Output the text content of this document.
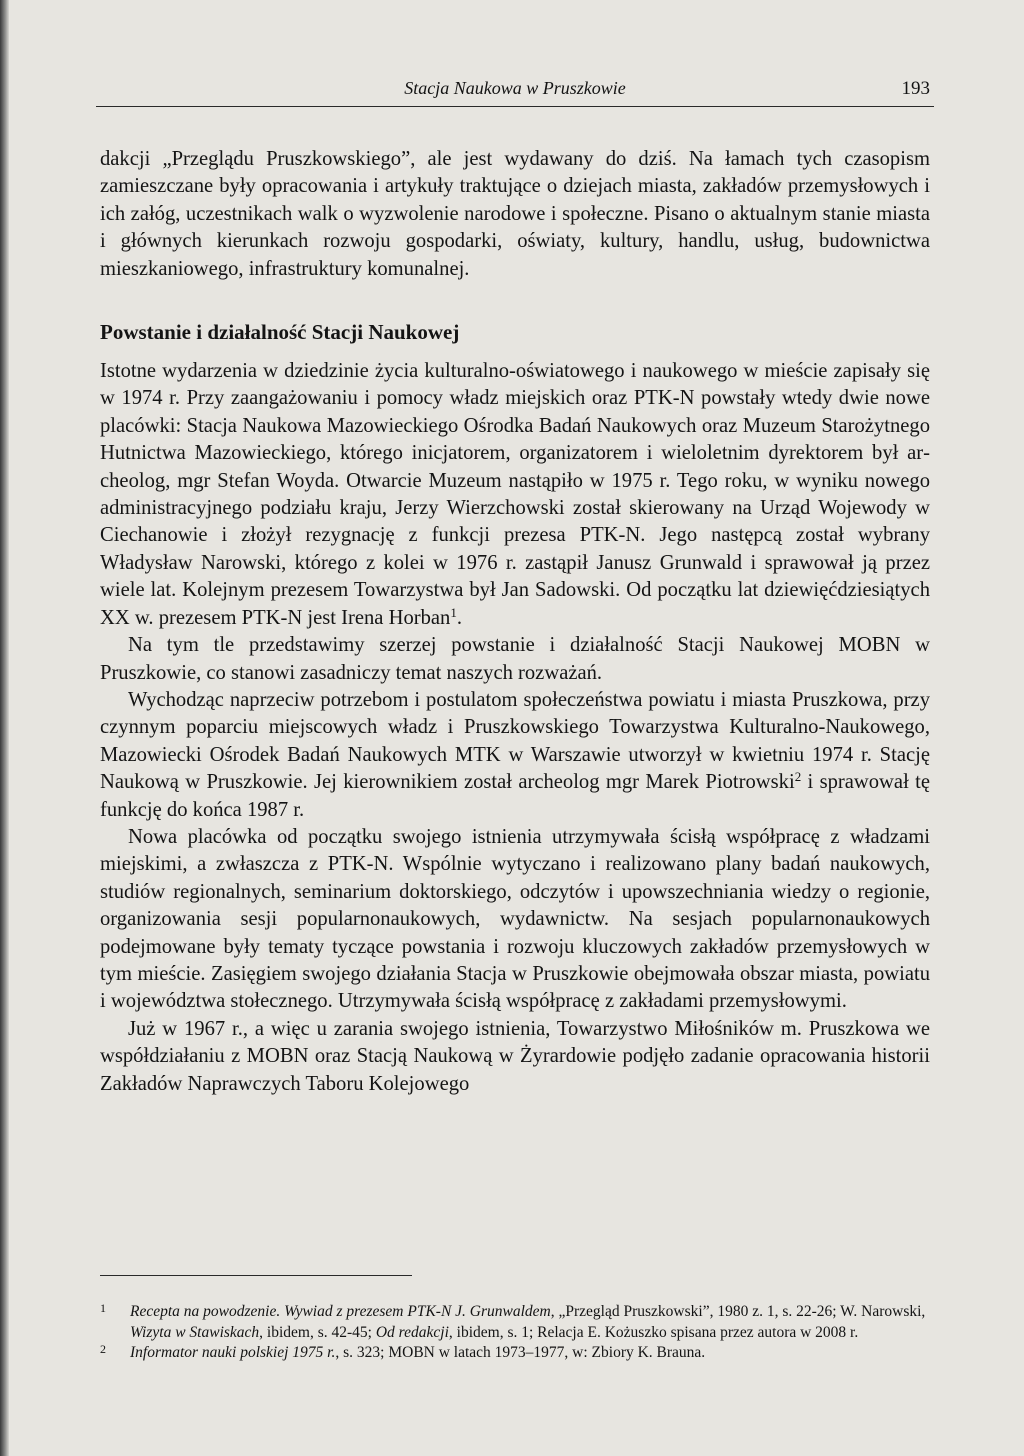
Stacja Naukowa w Pruszkowie	193

dakcji „Przeglądu Pruszkowskiego”, ale jest wydawany do dziś. Na łamach tych czasopism zamieszczane były opracowania i artykuły traktujące o dziejach miasta, zakładów przemysłowych i ich załóg, uczestnikach walk o wyzwolenie narodowe i społeczne. Pisano o aktualnym stanie miasta i głównych kierunkach rozwoju gospodarki, oświaty, kultury, handlu, usług, budownictwa mieszkaniowego, infrastruktury komunalnej.

Powstanie i działalność Stacji Naukowej

Istotne wydarzenia w dziedzinie życia kulturalno-oświatowego i naukowego w mieście zapisały się w 1974 r. Przy zaangażowaniu i pomocy władz miejskich oraz PTK-N powstały wtedy dwie nowe placówki: Stacja Naukowa Mazowieckiego Ośrodka Badań Naukowych oraz Muzeum Starożytnego Hutnictwa Mazowieckiego, którego inicjatorem, organizatorem i wieloletnim dyrektorem był archeolog, mgr Stefan Woyda. Otwarcie Muzeum nastąpiło w 1975 r. Tego roku, w wyniku nowego administracyjnego podziału kraju, Jerzy Wierzchowski został skierowany na Urząd Wojewody w Ciechanowie i złożył rezygnację z funkcji prezesa PTK-N. Jego następcą został wybrany Władysław Narowski, którego z kolei w 1976 r. zastąpił Janusz Grunwald i sprawował ją przez wiele lat. Kolejnym prezesem Towarzystwa był Jan Sadowski. Od początku lat dziewięćdziesiątych XX w. prezesem PTK-N jest Irena Horban$^1$.

Na tym tle przedstawimy szerzej powstanie i działalność Stacji Naukowej MOBN w Pruszkowie, co stanowi zasadniczy temat naszych rozważań.

Wychodząc naprzeciw potrzebom i postulatom społeczeństwa powiatu i miasta Pruszkowa, przy czynnym poparciu miejscowych władz i Pruszkowskiego Towarzystwa Kulturalno-Naukowego, Mazowiecki Ośrodek Badań Naukowych MTK w Warszawie utworzył w kwietniu 1974 r. Stację Naukową w Pruszkowie. Jej kierownikiem został archeolog mgr Marek Piotrowski$^2$ i sprawował tę funkcję do końca 1987 r.

Nowa placówka od początku swojego istnienia utrzymywała ścisłą współpracę z władzami miejskimi, a zwłaszcza z PTK-N. Wspólnie wytyczano i realizowano plany badań naukowych, studiów regionalnych, seminarium doktorskiego, odczytów i upowszechniania wiedzy o regionie, organizowania sesji popularnonaukowych, wydawnictw. Na sesjach popularnonaukowych podejmowane były tematy tyczące powstania i rozwoju kluczowych zakładów przemysłowych w tym mieście. Zasięgiem swojego działania Stacja w Pruszkowie obejmowała obszar miasta, powiatu i województwa stołecznego. Utrzymywała ścisłą współpracę z zakładami przemysłowymi.

Już w 1967 r., a więc u zarania swojego istnienia, Towarzystwo Miłośników m. Pruszkowa we współdziałaniu z MOBN oraz Stacją Naukową w Żyrardowie podjęło zadanie opracowania historii Zakładów Naprawczych Taboru Kolejowego

1 Recepta na powodzenie. Wywiad z prezesem PTK-N J. Grunwaldem, „Przegląd Pruszkowski”, 1980 z. 1, s. 22-26; W. Narowski, Wizyta w Stawiskach, ibidem, s. 42-45; Od redakcji, ibidem, s. 1; Relacja E. Kożuszko spisana przez autora w 2008 r.
2 Informator nauki polskiej 1975 r., s. 323; MOBN w latach 1973–1977, w: Zbiory K. Brauna.
